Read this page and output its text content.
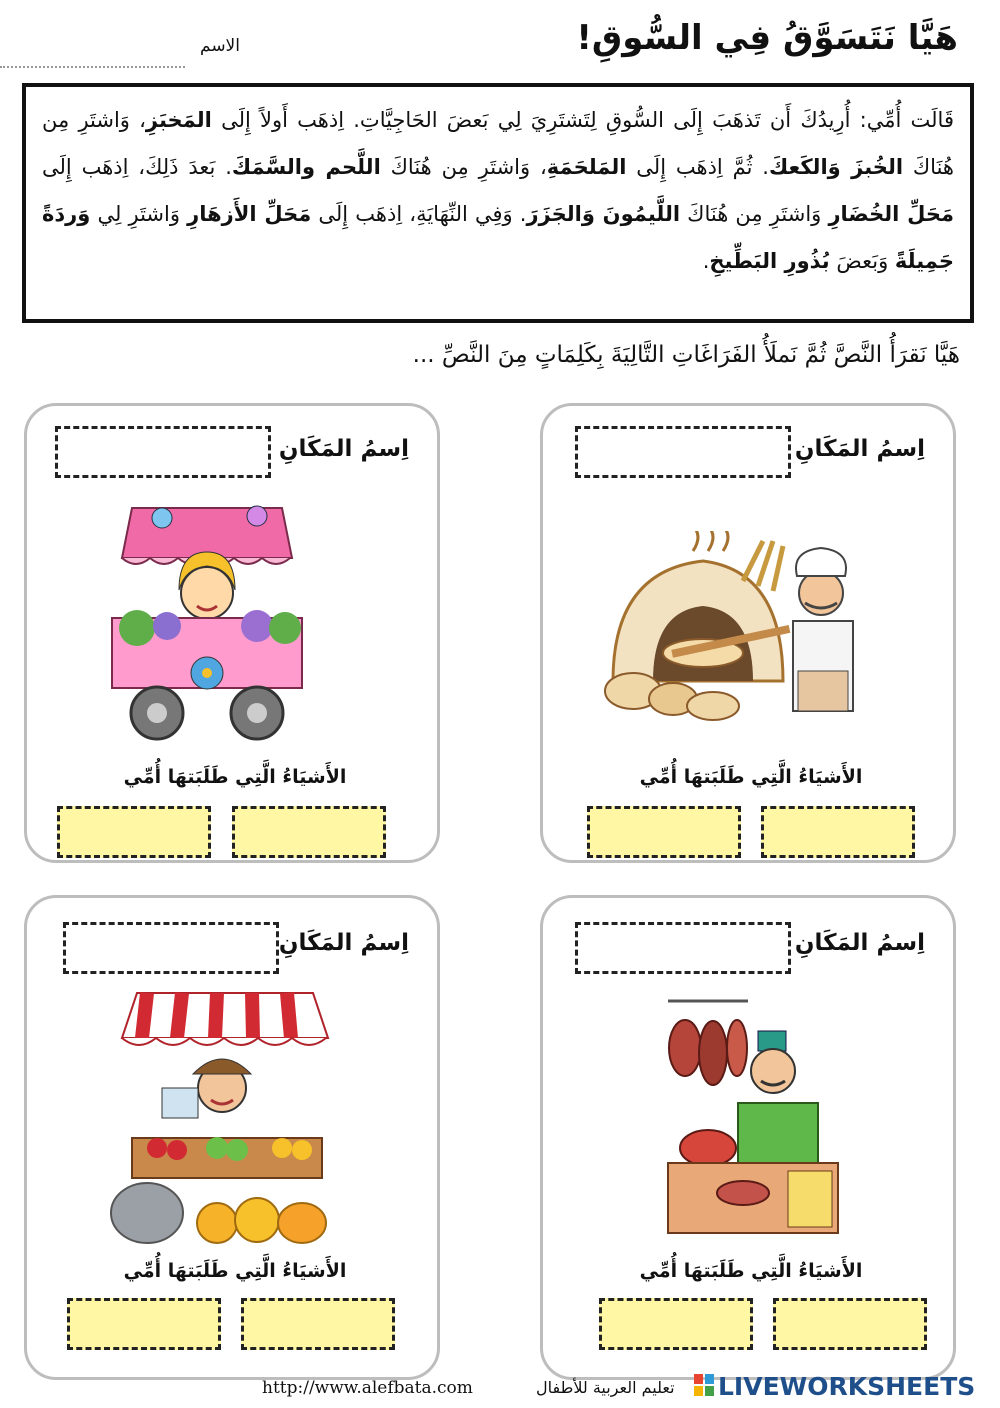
هَيَّا نَتَسَوَّقُ فِي السُّوقِ!
الاسم
قَالَت أُمِّي: أُرِيدُكَ أَن تَذهَبَ إِلَى السُّوقِ لِتَشتَرِيَ لِي بَعضَ الحَاجِيَّاتِ. اِذهَب أَولاً إِلَى المَخبَزِ، وَاشتَرِ مِن هُنَاكَ الخُبزَ وَالكَعكَ. ثُمَّ اِذهَب إِلَى المَلحَمَةِ، وَاشتَرِ مِن هُنَاكَ اللَّحم والسَّمَكَ. بَعدَ ذَلِكَ، اِذهَب إِلَى مَحَلِّ الخُضَارِ وَاشتَرِ مِن هُنَاكَ اللَّيمُونَ وَالجَزَرَ. وَفِي النِّهَايَةِ، اِذهَب إِلَى مَحَلِّ الأَزهَارِ وَاشتَرِ لِي وَردَةً جَمِيلَةً وَبَعضَ بُذُورِ البَطِّيخِ.
هَيَّا نَقرَأُ النَّصَّ ثُمَّ نَملَأُ الفَرَاغَاتِ التَّالِيَةَ بِكَلِمَاتٍ مِنَ النَّصِّ ...
اِسمُ المَكَانِ
الأَشيَاءُ الَّتِي طَلَبَتهَا أُمِّي
اِسمُ المَكَانِ
الأَشيَاءُ الَّتِي طَلَبَتهَا أُمِّي
اِسمُ المَكَانِ
الأَشيَاءُ الَّتِي طَلَبَتهَا أُمِّي
اِسمُ المَكَانِ
الأَشيَاءُ الَّتِي طَلَبَتهَا أُمِّي
http://www.alefbata.com	تعليم العربية للأطفال LIVEWORKSHEETS
